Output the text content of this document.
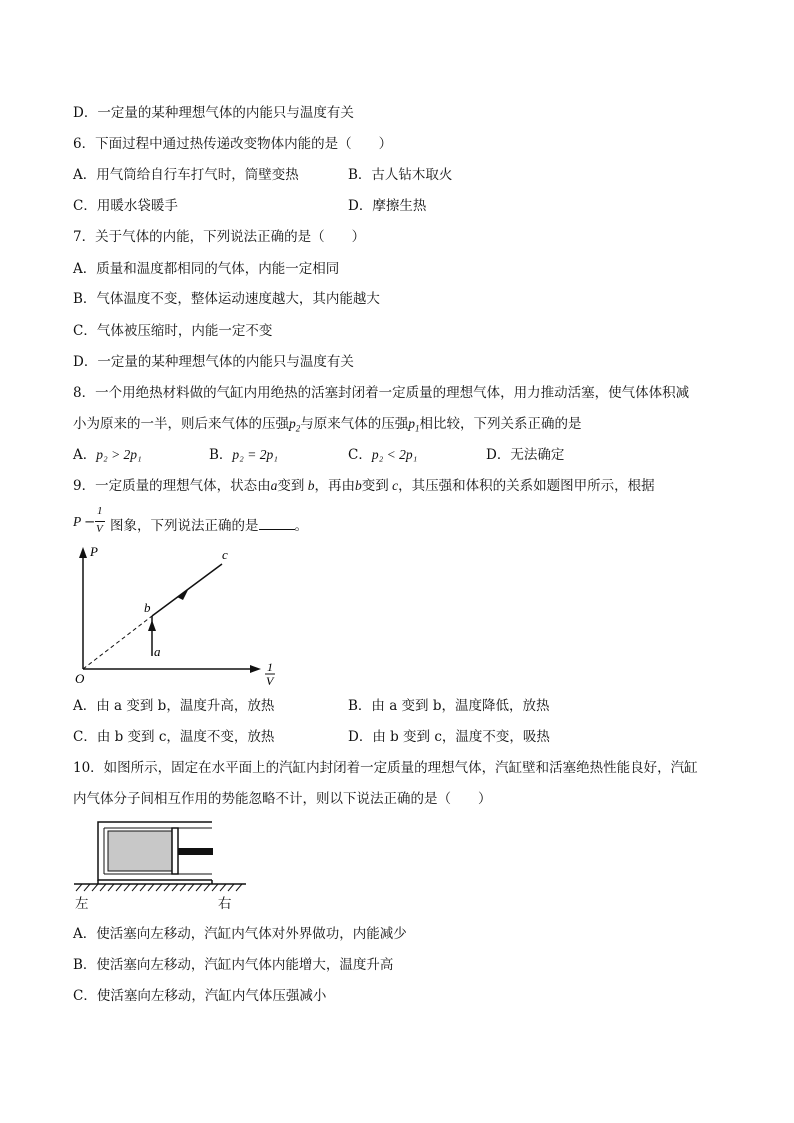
D．一定量的某种理想气体的内能只与温度有关
6．下面过程中通过热传递改变物体内能的是（　　）
A．用气筒给自行车打气时，筒壁变热	B．古人钻木取火
C．用暖水袋暖手	D．摩擦生热
7．关于气体的内能，下列说法正确的是（　　）
A．质量和温度都相同的气体，内能一定相同
B．气体温度不变，整体运动速度越大，其内能越大
C．气体被压缩时，内能一定不变
D．一定量的某种理想气体的内能只与温度有关
8．一个用绝热材料做的气缸内用绝热的活塞封闭着一定质量的理想气体，用力推动活塞，使气体体积减
小为原来的一半，则后来气体的压强$p_2$与原来气体的压强$p_1$相比较，下列关系正确的是
A．p₂ > 2p₁	B．p₂ = 2p₁	C．p₂ < 2p₁	D．无法确定
9．一定质量的理想气体，状态由a变到 b，再由b变到 c，其压强和体积的关系如题图甲所示，根据
P −
1
V 图象，下列说法正确的是	。
P
1
V
O
a
b
c
A．由 a 变到 b，温度升高，放热	B．由 a 变到 b，温度降低，放热
C．由 b 变到 c，温度不变，放热	D．由 b 变到 c，温度不变，吸热
10．如图所示，固定在水平面上的汽缸内封闭着一定质量的理想气体，汽缸壁和活塞绝热性能良好，汽缸
内气体分子间相互作用的势能忽略不计，则以下说法正确的是（　　）
左	右
A．使活塞向左移动，汽缸内气体对外界做功，内能减少
B．使活塞向左移动，汽缸内气体内能增大，温度升高
C．使活塞向左移动，汽缸内气体压强减小
